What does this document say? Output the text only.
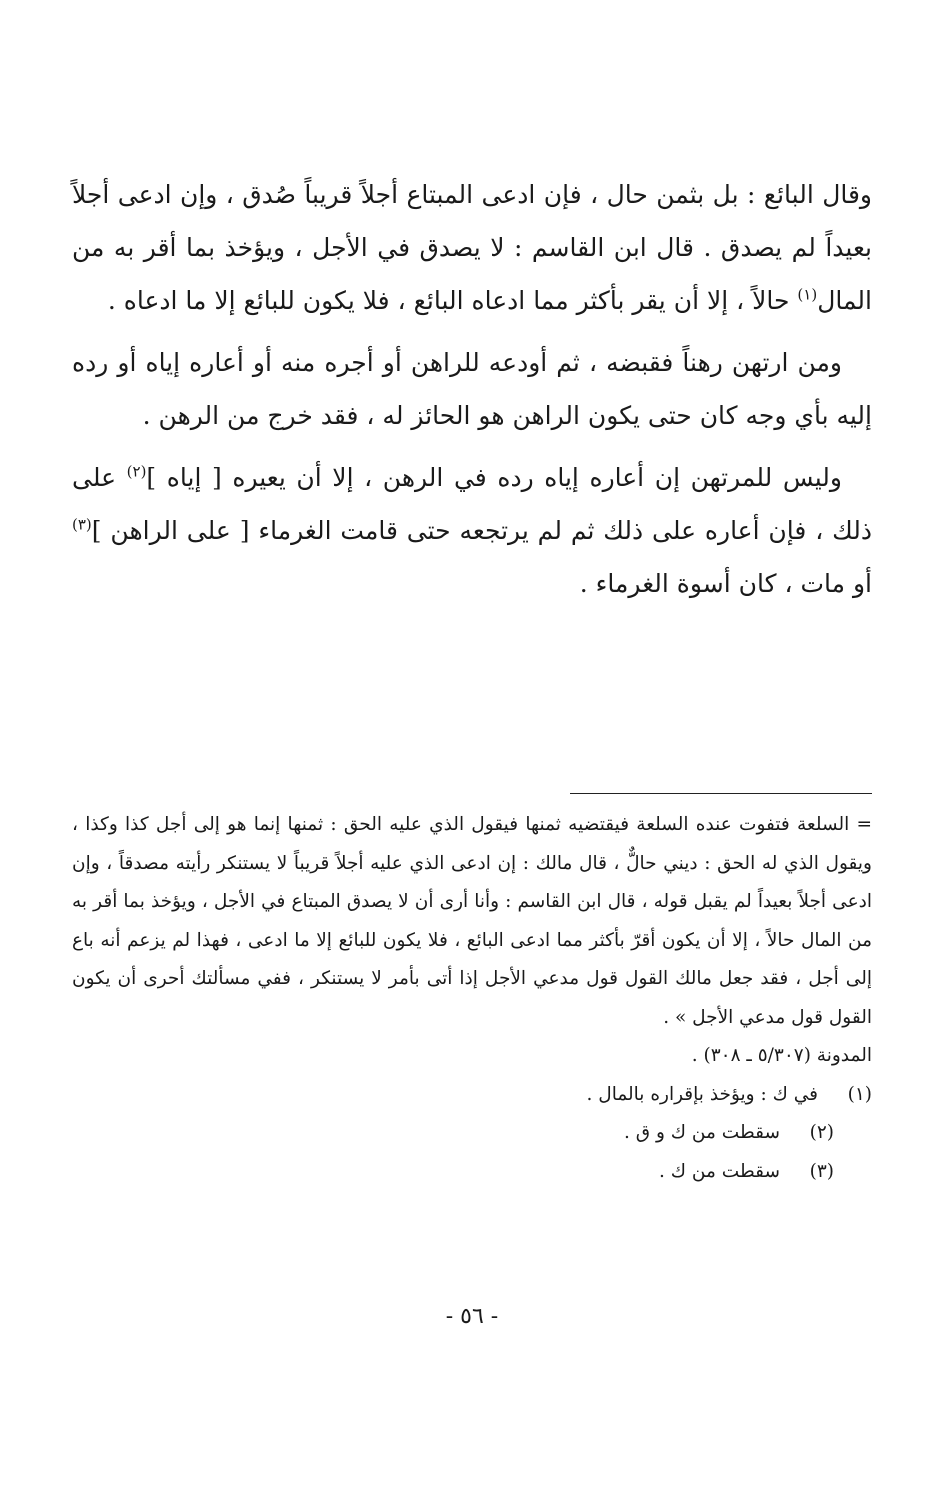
وقال البائع : بل بثمن حال ، فإن ادعى المبتاع أجلاً قريباً صُدق ، وإن ادعى أجلاً بعيداً لم يصدق . قال ابن القاسم : لا يصدق في الأجل ، ويؤخذ بما أقر به من المال$^{(١)}$ حالاً ، إلا أن يقر بأكثر مما ادعاه البائع ، فلا يكون للبائع إلا ما ادعاه .

ومن ارتهن رهناً فقبضه ، ثم أودعه للراهن أو أجره منه أو أعاره إياه أو رده إليه بأي وجه كان حتى يكون الراهن هو الحائز له ، فقد خرج من الرهن .

وليس للمرتهن إن أعاره إياه رده في الرهن ، إلا أن يعيره [ إياه ]$^{(٢)}$ على ذلك ، فإن أعاره على ذلك ثم لم يرتجعه حتى قامت الغرماء [ على الراهن ]$^{(٣)}$ أو مات ، كان أسوة الغرماء .

= السلعة فتفوت عنده السلعة فيقتضيه ثمنها فيقول الذي عليه الحق : ثمنها إنما هو إلى أجل كذا وكذا ، ويقول الذي له الحق : ديني حالٌّ ، قال مالك : إن ادعى الذي عليه أجلاً قريباً لا يستنكر رأيته مصدقاً ، وإن ادعى أجلاً بعيداً لم يقبل قوله ، قال ابن القاسم : وأنا أرى أن لا يصدق المبتاع في الأجل ، ويؤخذ بما أقر به من المال حالاً ، إلا أن يكون أقرّ بأكثر مما ادعى البائع ، فلا يكون للبائع إلا ما ادعى ، فهذا لم يزعم أنه باع إلى أجل ، فقد جعل مالك القول قول مدعي الأجل إذا أتى بأمر لا يستنكر ، ففي مسألتك أحرى أن يكون القول قول مدعي الأجل » .

المدونة (٥/٣٠٧ ـ ٣٠٨) .

(١)
في ك : ويؤخذ بإقراره بالمال .

(٢)
سقطت من ك و ق .

(٣)
سقطت من ك .

- ٥٦ -
